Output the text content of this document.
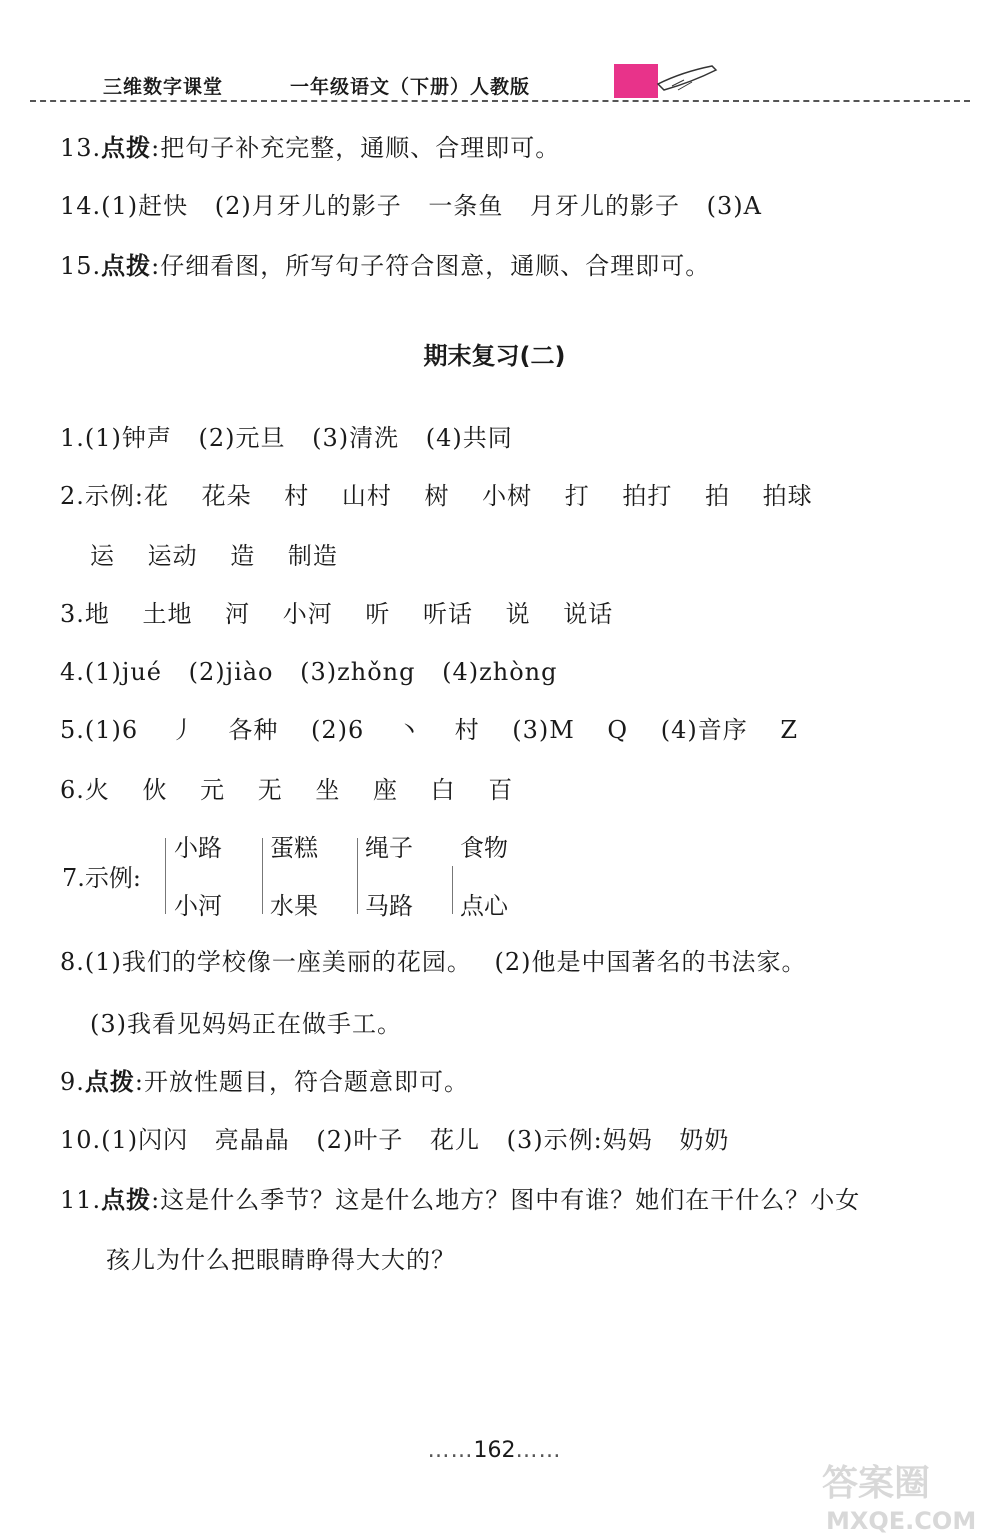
三维数字课堂	一年级语文（下册）人教版
13.点拨:把句子补充完整，通顺、合理即可。
14.(1)赶快 (2)月牙儿的影子 一条鱼 月牙儿的影子 (3)A
15.点拨:仔细看图，所写句子符合图意，通顺、合理即可。
期末复习(二)
1.(1)钟声 (2)元旦 (3)清洗 (4)共同
2.示例:花 花朵 村 山村 树 小树 打 拍打 拍 拍球
运 运动 造 制造
3.地 土地 河 小河 听 听话 说 说话
4.(1)jué (2)jiào (3)zhǒng (4)zhòng
5.(1)6 丿 各种 (2)6 丶 村 (3)M Q (4)音序 Z
6.火 伙 元 无 坐 座 白 百
7.示例:
小路
小河
蛋糕
水果
绳子
马路
食物
点心
8.(1)我们的学校像一座美丽的花园。 (2)他是中国著名的书法家。
(3)我看见妈妈正在做手工。
9.点拨:开放性题目，符合题意即可。
10.(1)闪闪 亮晶晶 (2)叶子 花儿 (3)示例:妈妈 奶奶
11.点拨:这是什么季节？这是什么地方？图中有谁？她们在干什么？小女
孩儿为什么把眼睛睁得大大的？
……162……
答案圈
MXQE.COM
